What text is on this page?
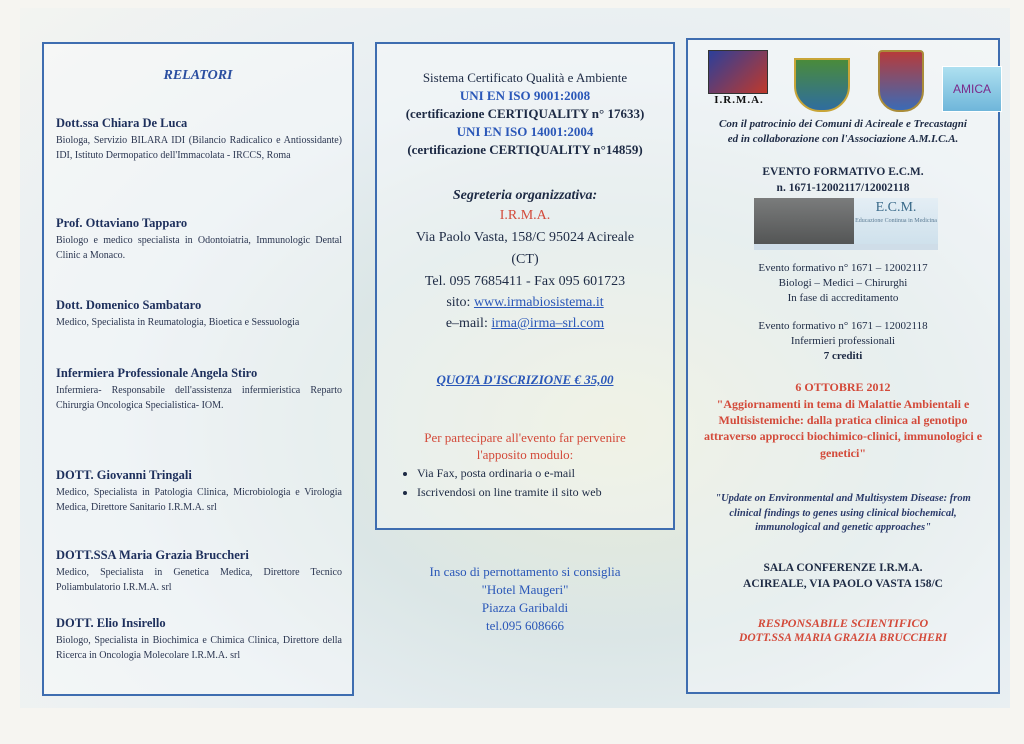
RELATORI
Dott.ssa Chiara De Luca
Biologa, Servizio BILARA IDI (Bilancio Radicalico e Antiossidante) IDI, Istituto Dermopatico dell'Immacolata - IRCCS, Roma
Prof. Ottaviano Tapparo
Biologo e medico specialista in Odontoiatria, Immunologic Dental Clinic a Monaco.
Dott. Domenico Sambataro
Medico, Specialista in Reumatologia, Bioetica e Sessuologia
Infermiera Professionale Angela Stiro
Infermiera- Responsabile dell'assistenza infermieristica Reparto Chirurgia Oncologica Specialistica- IOM.
DOTT. Giovanni Tringali
Medico, Specialista in Patologia Clinica, Microbiologia e Virologia Medica, Direttore Sanitario I.R.M.A. srl
DOTT.SSA Maria Grazia Bruccheri
Medico, Specialista in Genetica Medica, Direttore Tecnico Poliambulatorio I.R.M.A. srl
DOTT. Elio Insirello
Biologo, Specialista in Biochimica e Chimica Clinica, Direttore della Ricerca in Oncologia Molecolare I.R.M.A. srl
Sistema Certificato Qualità e Ambiente
UNI EN ISO 9001:2008
(certificazione CERTIQUALITY n° 17633)
UNI EN ISO 14001:2004
(certificazione CERTIQUALITY n°14859)
Segreteria organizzativa:
I.R.M.A.
Via Paolo Vasta, 158/C 95024 Acireale
(CT)
Tel. 095 7685411 - Fax 095 601723
sito: www.irmabiosistema.it
e–mail: irma@irma–srl.com
QUOTA D'ISCRIZIONE € 35,00
Per partecipare all'evento far pervenire
l'apposito modulo:
• Via Fax, posta ordinaria o e-mail
• Iscrivendosi on line tramite il sito web
In caso di pernottamento si consiglia
"Hotel Maugeri"
Piazza Garibaldi
tel.095 608666
I.R.M.A.
AMICA
Con il patrocinio dei Comuni di Acireale e Trecastagni
ed in collaborazione con l'Associazione A.M.I.C.A.
EVENTO FORMATIVO E.C.M.
n. 1671-12002117/12002118
E.C.M.
Educazione Continua in Medicina
Evento formativo n° 1671 – 12002117
Biologi – Medici – Chirurghi
In fase di accreditamento
Evento formativo n° 1671 – 12002118
Infermieri professionali
7 crediti
6 OTTOBRE 2012
"Aggiornamenti in tema di Malattie Ambientali e Multisistemiche: dalla pratica clinica al genotipo attraverso approcci biochimico-clinici, immunologici e genetici"
"Update on Environmental and Multisystem Disease: from clinical findings to genes using clinical biochemical, immunological and genetic approaches"
SALA CONFERENZE I.R.M.A.
ACIREALE, VIA PAOLO VASTA 158/C
RESPONSABILE SCIENTIFICO
DOTT.SSA MARIA GRAZIA BRUCCHERI
